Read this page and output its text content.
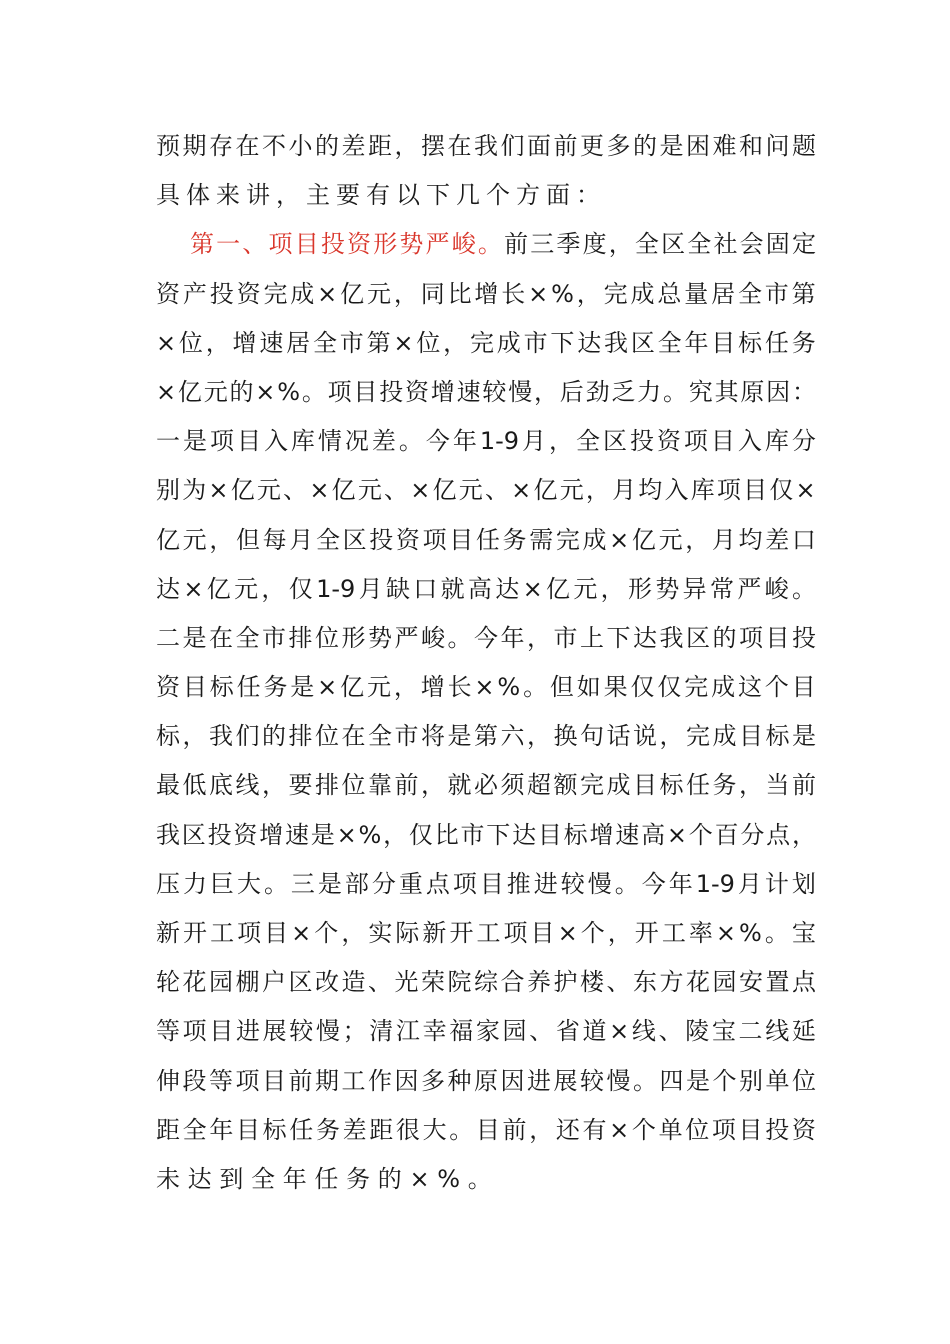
预 期 存 在 不 小 的 差 距 ， 摆 在 我 们 面 前 更 多 的 是 困 难 和 问 题
具体来讲，主要有以下几个方面：
第 一 、 项 目 投 资 形 势 严 峻 。 前 三 季 度 ， 全 区 全 社 会 固 定
资 产 投 资 完 成 × 亿 元 ， 同 比 增 长 × % ， 完 成 总 量 居 全 市 第
× 位 ， 增 速 居 全 市 第 × 位 ， 完 成 市 下 达 我 区 全 年 目 标 任 务
× 亿 元 的 × % 。 项 目 投 资 增 速 较 慢 ， 后 劲 乏 力 。 究 其 原 因 ：
一 是 项 目 入 库 情 况 差 。 今 年 1-9 月 ， 全 区 投 资 项 目 入 库 分
别 为 × 亿 元 、 × 亿 元 、 × 亿 元 、 × 亿 元 ， 月 均 入 库 项 目 仅 ×
亿 元 ， 但 每 月 全 区 投 资 项 目 任 务 需 完 成 × 亿 元 ， 月 均 差 口
达 × 亿 元 ， 仅 1-9 月 缺 口 就 高 达 × 亿 元 ， 形 势 异 常 严 峻 。
二 是 在 全 市 排 位 形 势 严 峻 。 今 年 ， 市 上 下 达 我 区 的 项 目 投
资 目 标 任 务 是 × 亿 元 ， 增 长 × % 。 但 如 果 仅 仅 完 成 这 个 目
标 ， 我 们 的 排 位 在 全 市 将 是 第 六 ， 换 句 话 说 ， 完 成 目 标 是
最 低 底 线 ， 要 排 位 靠 前 ， 就 必 须 超 额 完 成 目 标 任 务 ， 当 前
我 区 投 资 增 速 是 × % ， 仅 比 市 下 达 目 标 增 速 高 × 个 百 分 点 ，
压 力 巨 大 。 三 是 部 分 重 点 项 目 推 进 较 慢 。 今 年 1-9 月 计 划
新 开 工 项 目 × 个 ， 实 际 新 开 工 项 目 × 个 ， 开 工 率 × % 。 宝
轮 花 园 棚 户 区 改 造 、 光 荣 院 综 合 养 护 楼 、 东 方 花 园 安 置 点
等 项 目 进 展 较 慢 ； 清 江 幸 福 家 园 、 省 道 × 线 、 陵 宝 二 线 延
伸 段 等 项 目 前 期 工 作 因 多 种 原 因 进 展 较 慢 。 四 是 个 别 单 位
距 全 年 目 标 任 务 差 距 很 大 。 目 前 ， 还 有 × 个 单 位 项 目 投 资
未达到全年任务的×%。
